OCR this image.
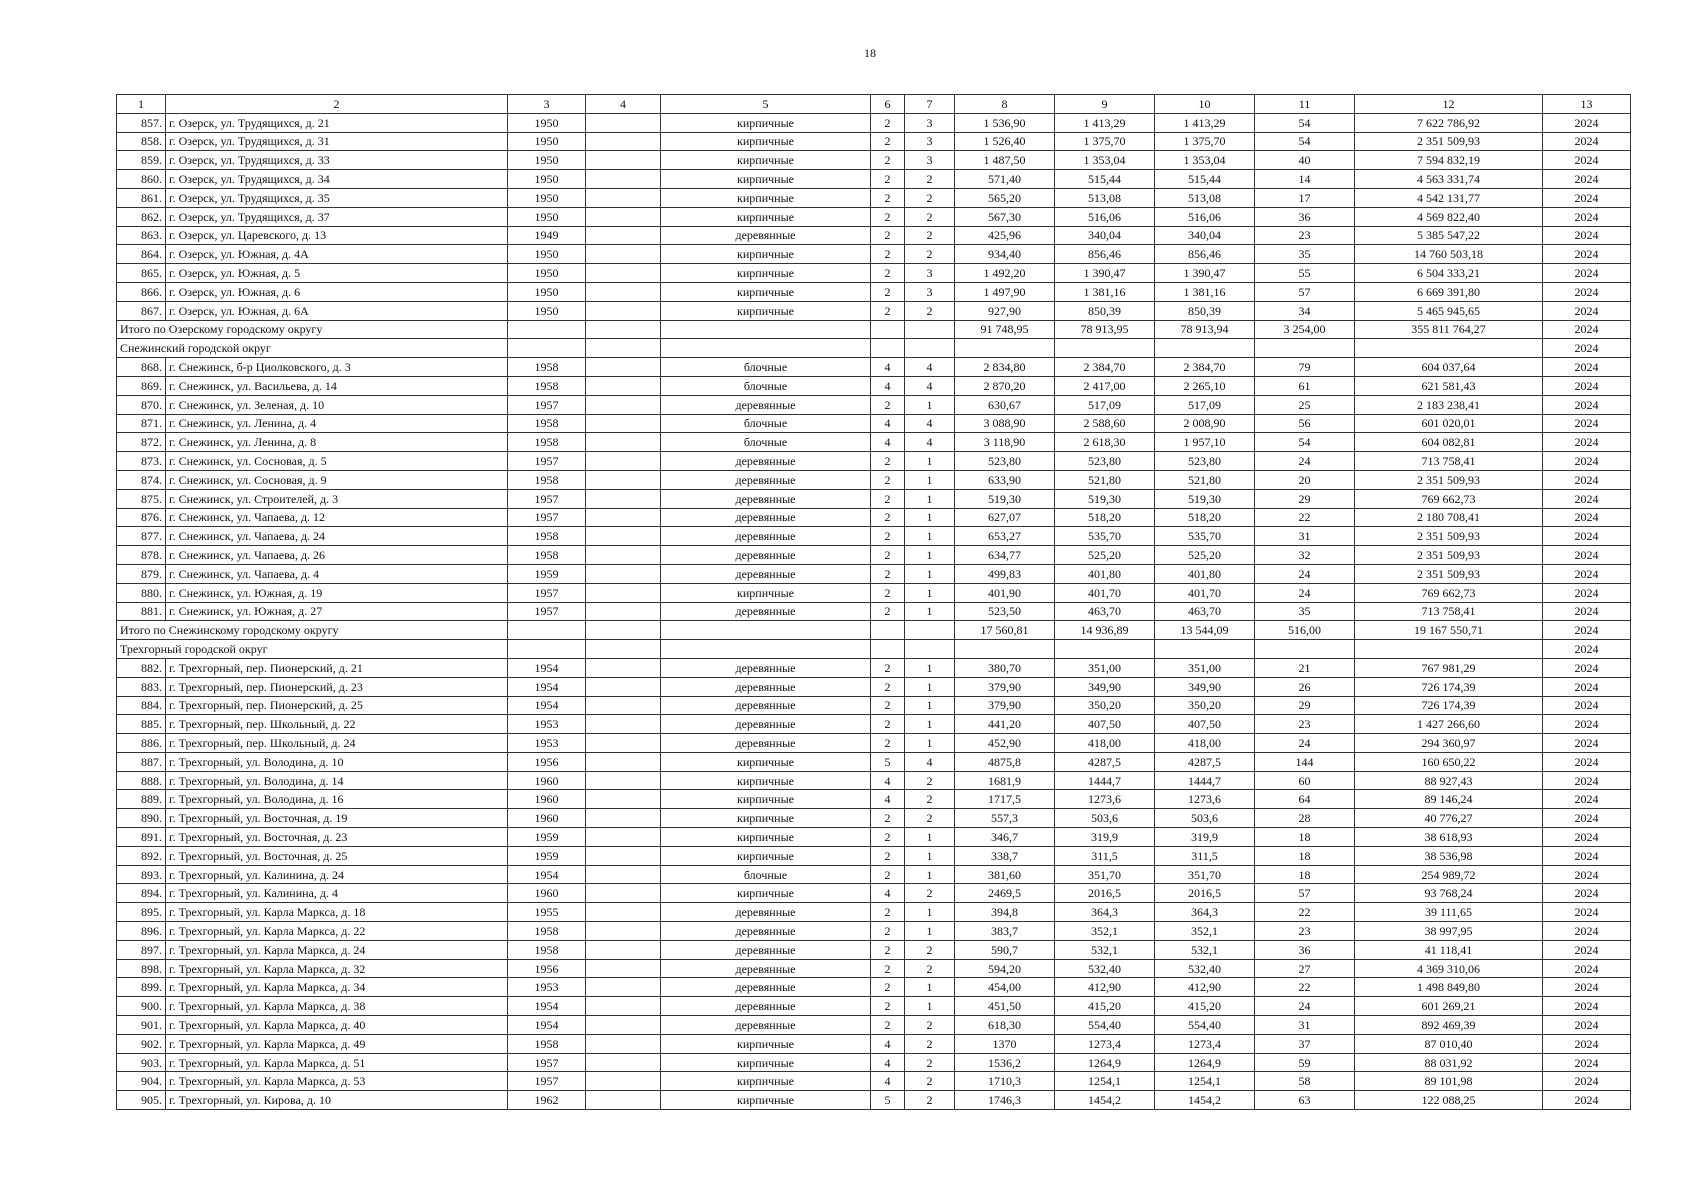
18
1	2	3	4	5	6	7	8	9	10	11	12	13
857.	г. Озерск, ул. Трудящихся, д. 21	1950		кирпичные	2	3	1 536,90	1 413,29	1 413,29	54	7 622 786,92	2024
858.	г. Озерск, ул. Трудящихся, д. 31	1950		кирпичные	2	3	1 526,40	1 375,70	1 375,70	54	2 351 509,93	2024
859.	г. Озерск, ул. Трудящихся, д. 33	1950		кирпичные	2	3	1 487,50	1 353,04	1 353,04	40	7 594 832,19	2024
860.	г. Озерск, ул. Трудящихся, д. 34	1950		кирпичные	2	2	571,40	515,44	515,44	14	4 563 331,74	2024
861.	г. Озерск, ул. Трудящихся, д. 35	1950		кирпичные	2	2	565,20	513,08	513,08	17	4 542 131,77	2024
862.	г. Озерск, ул. Трудящихся, д. 37	1950		кирпичные	2	2	567,30	516,06	516,06	36	4 569 822,40	2024
863.	г. Озерск, ул. Царевского, д. 13	1949		деревянные	2	2	425,96	340,04	340,04	23	5 385 547,22	2024
864.	г. Озерск, ул. Южная, д. 4А	1950		кирпичные	2	2	934,40	856,46	856,46	35	14 760 503,18	2024
865.	г. Озерск, ул. Южная, д. 5	1950		кирпичные	2	3	1 492,20	1 390,47	1 390,47	55	6 504 333,21	2024
866.	г. Озерск, ул. Южная, д. 6	1950		кирпичные	2	3	1 497,90	1 381,16	1 381,16	57	6 669 391,80	2024
867.	г. Озерск, ул. Южная, д. 6А	1950		кирпичные	2	2	927,90	850,39	850,39	34	5 465 945,65	2024
Итого по Озерскому городскому округу							91 748,95	78 913,95	78 913,94	3 254,00	355 811 764,27	2024
Снежинский городской округ												2024
868.	г. Снежинск, б-р Циолковского, д. 3	1958		блочные	4	4	2 834,80	2 384,70	2 384,70	79	604 037,64	2024
869.	г. Снежинск, ул. Васильева, д. 14	1958		блочные	4	4	2 870,20	2 417,00	2 265,10	61	621 581,43	2024
870.	г. Снежинск, ул. Зеленая, д. 10	1957		деревянные	2	1	630,67	517,09	517,09	25	2 183 238,41	2024
871.	г. Снежинск, ул. Ленина, д. 4	1958		блочные	4	4	3 088,90	2 588,60	2 008,90	56	601 020,01	2024
872.	г. Снежинск, ул. Ленина, д. 8	1958		блочные	4	4	3 118,90	2 618,30	1 957,10	54	604 082,81	2024
873.	г. Снежинск, ул. Сосновая, д. 5	1957		деревянные	2	1	523,80	523,80	523,80	24	713 758,41	2024
874.	г. Снежинск, ул. Сосновая, д. 9	1958		деревянные	2	1	633,90	521,80	521,80	20	2 351 509,93	2024
875.	г. Снежинск, ул. Строителей, д. 3	1957		деревянные	2	1	519,30	519,30	519,30	29	769 662,73	2024
876.	г. Снежинск, ул. Чапаева, д. 12	1957		деревянные	2	1	627,07	518,20	518,20	22	2 180 708,41	2024
877.	г. Снежинск, ул. Чапаева, д. 24	1958		деревянные	2	1	653,27	535,70	535,70	31	2 351 509,93	2024
878.	г. Снежинск, ул. Чапаева, д. 26	1958		деревянные	2	1	634,77	525,20	525,20	32	2 351 509,93	2024
879.	г. Снежинск, ул. Чапаева, д. 4	1959		деревянные	2	1	499,83	401,80	401,80	24	2 351 509,93	2024
880.	г. Снежинск, ул. Южная, д. 19	1957		кирпичные	2	1	401,90	401,70	401,70	24	769 662,73	2024
881.	г. Снежинск, ул. Южная, д. 27	1957		деревянные	2	1	523,50	463,70	463,70	35	713 758,41	2024
Итого по Снежинскому городскому округу							17 560,81	14 936,89	13 544,09	516,00	19 167 550,71	2024
Трехгорный городской округ												2024
882.	г. Трехгорный, пер. Пионерский, д. 21	1954		деревянные	2	1	380,70	351,00	351,00	21	767 981,29	2024
883.	г. Трехгорный, пер. Пионерский, д. 23	1954		деревянные	2	1	379,90	349,90	349,90	26	726 174,39	2024
884.	г. Трехгорный, пер. Пионерский, д. 25	1954		деревянные	2	1	379,90	350,20	350,20	29	726 174,39	2024
885.	г. Трехгорный, пер. Школьный, д. 22	1953		деревянные	2	1	441,20	407,50	407,50	23	1 427 266,60	2024
886.	г. Трехгорный, пер. Школьный, д. 24	1953		деревянные	2	1	452,90	418,00	418,00	24	294 360,97	2024
887.	г. Трехгорный, ул. Володина, д. 10	1956		кирпичные	5	4	4875,8	4287,5	4287,5	144	160 650,22	2024
888.	г. Трехгорный, ул. Володина, д. 14	1960		кирпичные	4	2	1681,9	1444,7	1444,7	60	88 927,43	2024
889.	г. Трехгорный, ул. Володина, д. 16	1960		кирпичные	4	2	1717,5	1273,6	1273,6	64	89 146,24	2024
890.	г. Трехгорный, ул. Восточная, д. 19	1960		кирпичные	2	2	557,3	503,6	503,6	28	40 776,27	2024
891.	г. Трехгорный, ул. Восточная, д. 23	1959		кирпичные	2	1	346,7	319,9	319,9	18	38 618,93	2024
892.	г. Трехгорный, ул. Восточная, д. 25	1959		кирпичные	2	1	338,7	311,5	311,5	18	38 536,98	2024
893.	г. Трехгорный, ул. Калинина, д. 24	1954		блочные	2	1	381,60	351,70	351,70	18	254 989,72	2024
894.	г. Трехгорный, ул. Калинина, д. 4	1960		кирпичные	4	2	2469,5	2016,5	2016,5	57	93 768,24	2024
895.	г. Трехгорный, ул. Карла Маркса, д. 18	1955		деревянные	2	1	394,8	364,3	364,3	22	39 111,65	2024
896.	г. Трехгорный, ул. Карла Маркса, д. 22	1958		деревянные	2	1	383,7	352,1	352,1	23	38 997,95	2024
897.	г. Трехгорный, ул. Карла Маркса, д. 24	1958		деревянные	2	2	590,7	532,1	532,1	36	41 118,41	2024
898.	г. Трехгорный, ул. Карла Маркса, д. 32	1956		деревянные	2	2	594,20	532,40	532,40	27	4 369 310,06	2024
899.	г. Трехгорный, ул. Карла Маркса, д. 34	1953		деревянные	2	1	454,00	412,90	412,90	22	1 498 849,80	2024
900.	г. Трехгорный, ул. Карла Маркса, д. 38	1954		деревянные	2	1	451,50	415,20	415,20	24	601 269,21	2024
901.	г. Трехгорный, ул. Карла Маркса, д. 40	1954		деревянные	2	2	618,30	554,40	554,40	31	892 469,39	2024
902.	г. Трехгорный, ул. Карла Маркса, д. 49	1958		кирпичные	4	2	1370	1273,4	1273,4	37	87 010,40	2024
903.	г. Трехгорный, ул. Карла Маркса, д. 51	1957		кирпичные	4	2	1536,2	1264,9	1264,9	59	88 031,92	2024
904.	г. Трехгорный, ул. Карла Маркса, д. 53	1957		кирпичные	4	2	1710,3	1254,1	1254,1	58	89 101,98	2024
905.	г. Трехгорный, ул. Кирова, д. 10	1962		кирпичные	5	2	1746,3	1454,2	1454,2	63	122 088,25	2024
